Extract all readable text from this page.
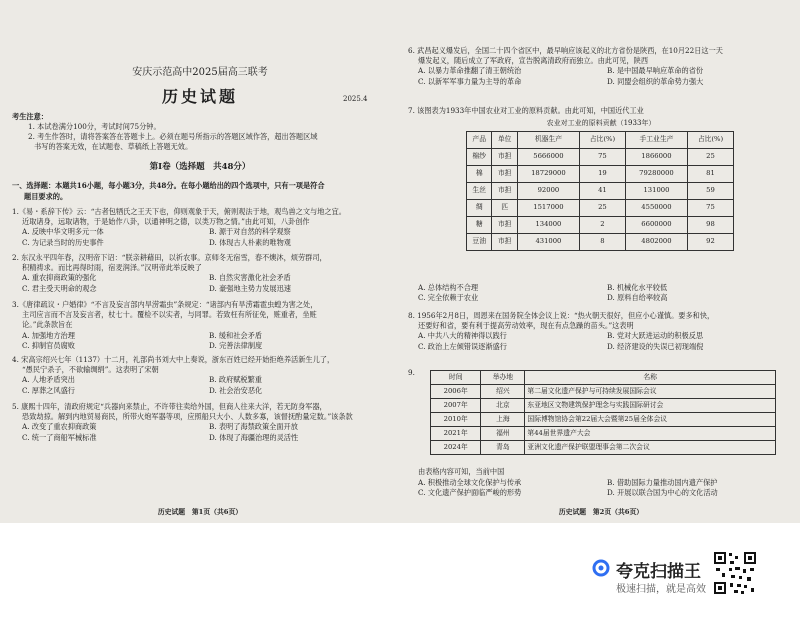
安庆示范高中2025届高三联考
历史试题	2025.4
考生注意：
1. 本试卷满分100分，考试时间75分钟。
2. 考生作答时，请将答案答在答题卡上。必须在题号所指示的答题区域作答，超出答题区域
书写的答案无效，在试题卷、草稿纸上答题无效。
第Ⅰ卷（选择题　共48分）
一、选择题：本题共16小题，每小题3分，共48分。在每小题给出的四个选项中，只有一项是符合
题目要求的。
1.《易・系辞下传》云：“古者包牺氏之王天下也，仰则观象于天，俯则观法于地，观鸟兽之文与地之宜。
近取诸身，远取诸物，于是始作八卦，以通神明之德，以类万物之情。”由此可知，八卦创作
A. 反映中华文明多元一体	B. 源于对自然的科学观察
C. 为记录当时的历史事件	D. 体现古人朴素的唯物观
2. 东汉永平四年春，汉明帝下诏：“朕亲耕藉田，以祈农事。京师冬无宿雪，春不燠沐，烦劳群司，
积精祷求。而比再得时雨，宿麦润泽。”汉明帝此举反映了
A. 重农抑商政策的强化	B. 自然灾害激化社会矛盾
C. 君主受天明命的观念	D. 豪强地主势力发展迅速
3.《唐律疏议・户婚律》“不言及妄言部内旱涝霜虫”条规定：“诸部内有旱涝霜雹虫蝗为害之处，
主司应言而不言及妄言者，杖七十。覆检不以实者，与同罪。若致枉有所征免，赃重者，坐赃
论。”此条款旨在
A. 加强地方治理	B. 缓和社会矛盾
C. 抑制官员腐败	D. 完善法律制度
4. 宋高宗绍兴七年（1137）十二月，礼部尚书刘大中上奏说，浙东百姓已经开始拒绝养活新生儿了，
“愚民宁杀子，不欲输绸绢”。这表明了宋朝
A. 人地矛盾突出	B. 政府赋税繁重
C. 厚葬之风盛行	D. 社会治安恶化
5. 康熙十四年，清政府规定“兵器向来禁止，不许带往卖给外国，但商人往来大洋，若无防身军器，
恐致劫掠。解到内地贸易商民，所带火炮军器等项，应照船只大小、人数多寡，该督抚酌量定数。”该条款
A. 改变了重农抑商政策	B. 表明了海禁政策全面开放
C. 统一了商船军械标准	D. 体现了海疆治理的灵活性
历史试题　第1页（共6页）
6. 武昌起义爆发后，全国二十四个省区中，最早响应该起义的北方省份是陕西，在10月22日这一天
爆发起义，随后成立了军政府，宣告脱离清政府而独立。由此可见，陕西
A. 以暴力革命推翻了清王朝统治	B. 是中国最早响应革命的省份
C. 以新军军事力量为主导的革命	D. 同盟会组织的革命势力强大
7. 该图表为1933年中国农业对工业的原料贡献。由此可知，中国近代工业
农业对工业的原料贡献（1933年）
产品	单位	机器生产	占比(%)	手工业生产	占比(%)
棉纱	市担	5666000	75	1866000	25
棉	市担	18729000	19	79280000	81
生丝	市担	92000	41	131000	59
绸	匹	1517000	25	4550000	75
糖	市担	134000	2	6600000	98
豆油	市担	431000	8	4802000	92
A. 总体结构不合理	B. 机械化水平较低
C. 完全依赖于农业	D. 原料自给率较高
8. 1956年2月8日，周恩来在国务院全体会议上说：“热火朝天很好，但应小心谨慎。要多和快，
还要好和省，要有利于提高劳动效率，现在有点急躁的苗头。”这表明
A. 中共八大的精神得以践行	B. 党对大跃进运动的积极反思
C. 政治上左倾错误逐渐盛行	D. 经济建设的失误已初现端倪
9.	时间	举办地	名称
2006年	绍兴	第二届文化遗产保护与可持续发展国际会议
2007年	北京	东亚地区文物建筑保护理念与实践国际研讨会
2010年	上海	国际博物馆协会第22届大会暨第25届全体会议
2021年	福州	第44届世界遗产大会
2024年	青岛	亚洲文化遗产保护联盟理事会第二次会议
由表格内容可知，当前中国
A. 积极推动全球文化保护与传承	B. 借助国际力量推动国内遗产保护
C. 文化遗产保护面临严峻的形势	D. 开展以联合国为中心的文化活动
历史试题　第2页（共6页）
夸克扫描王
极速扫描，就是高效
